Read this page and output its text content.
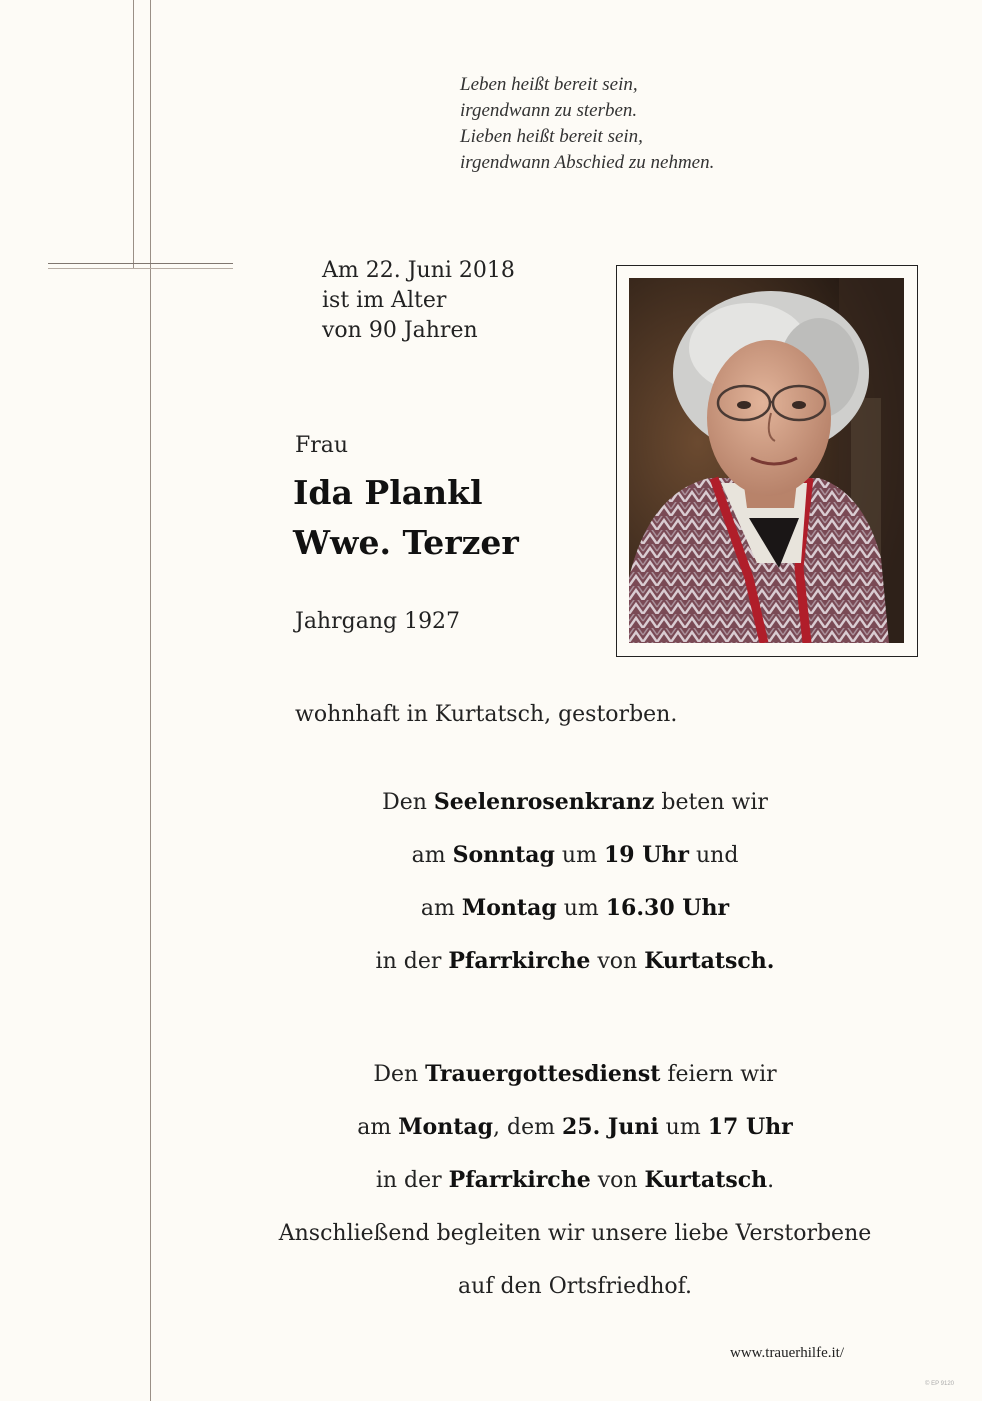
Leben heißt bereit sein,
irgendwann zu sterben.
Lieben heißt bereit sein,
irgendwann Abschied zu nehmen.
Am 22. Juni 2018
ist im Alter
von 90 Jahren
Frau
Ida Plankl
Wwe. Terzer
Jahrgang 1927
wohnhaft in Kurtatsch, gestorben.
Den Seelenrosenkranz beten wir
am Sonntag um 19 Uhr und
am Montag um 16.30 Uhr
in der Pfarrkirche von Kurtatsch.
Den Trauergottesdienst feiern wir
am Montag, dem 25. Juni um 17 Uhr
in der Pfarrkirche von Kurtatsch.
Anschließend begleiten wir unsere liebe Verstorbene
auf den Ortsfriedhof.
www.trauerhilfe.it/
© EP 9120
